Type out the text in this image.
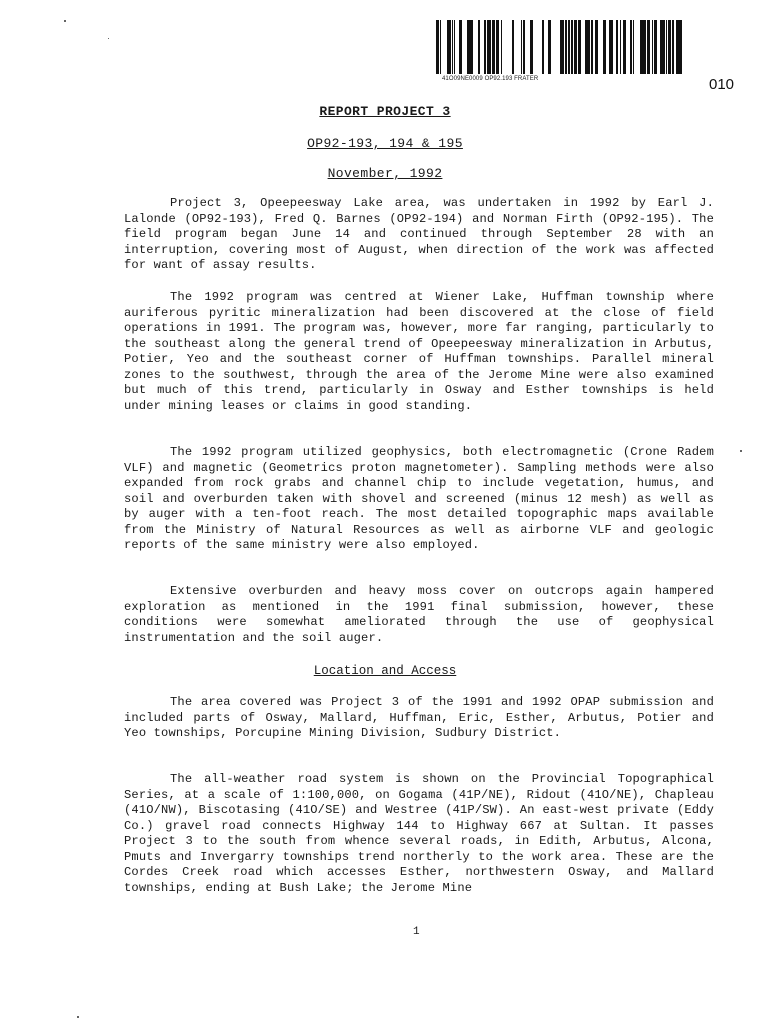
41O09NE0009 OP92.193 FRATER	010
REPORT PROJECT 3
OP92-193, 194 & 195
November, 1992

Project 3, Opeepeesway Lake area, was undertaken in 1992 by Earl J. Lalonde (OP92-193), Fred Q. Barnes (OP92-194) and Norman Firth (OP92-195). The field program began June 14 and continued through September 28 with an interruption, covering most of August, when direction of the work was affected for want of assay results.

The 1992 program was centred at Wiener Lake, Huffman township where auriferous pyritic mineralization had been discovered at the close of field operations in 1991. The program was, however, more far ranging, particularly to the southeast along the general trend of Opeepeesway mineralization in Arbutus, Potier, Yeo and the southeast corner of Huffman townships. Parallel mineral zones to the southwest, through the area of the Jerome Mine were also examined but much of this trend, particularly in Osway and Esther townships is held under mining leases or claims in good standing.

The 1992 program utilized geophysics, both electromagnetic (Crone Radem VLF) and magnetic (Geometrics proton magnetometer). Sampling methods were also expanded from rock grabs and channel chip to include vegetation, humus, and soil and overburden taken with shovel and screened (minus 12 mesh) as well as by auger with a ten-foot reach. The most detailed topographic maps available from the Ministry of Natural Resources as well as airborne VLF and geologic reports of the same ministry were also employed.

Extensive overburden and heavy moss cover on outcrops again hampered exploration as mentioned in the 1991 final submission, however, these conditions were somewhat ameliorated through the use of geophysical instrumentation and the soil auger.

Location and Access

The area covered was Project 3 of the 1991 and 1992 OPAP submission and included parts of Osway, Mallard, Huffman, Eric, Esther, Arbutus, Potier and Yeo townships, Porcupine Mining Division, Sudbury District.

The all-weather road system is shown on the Provincial Topographical Series, at a scale of 1:100,000, on Gogama (41P/NE), Ridout (41O/NE), Chapleau (41O/NW), Biscotasing (41O/SE) and Westree (41P/SW). An east-west private (Eddy Co.) gravel road connects Highway 144 to Highway 667 at Sultan. It passes Project 3 to the south from whence several roads, in Edith, Arbutus, Alcona, Pmuts and Invergarry townships trend northerly to the work area. These are the Cordes Creek road which accesses Esther, northwestern Osway, and Mallard townships, ending at Bush Lake; the Jerome Mine

1
